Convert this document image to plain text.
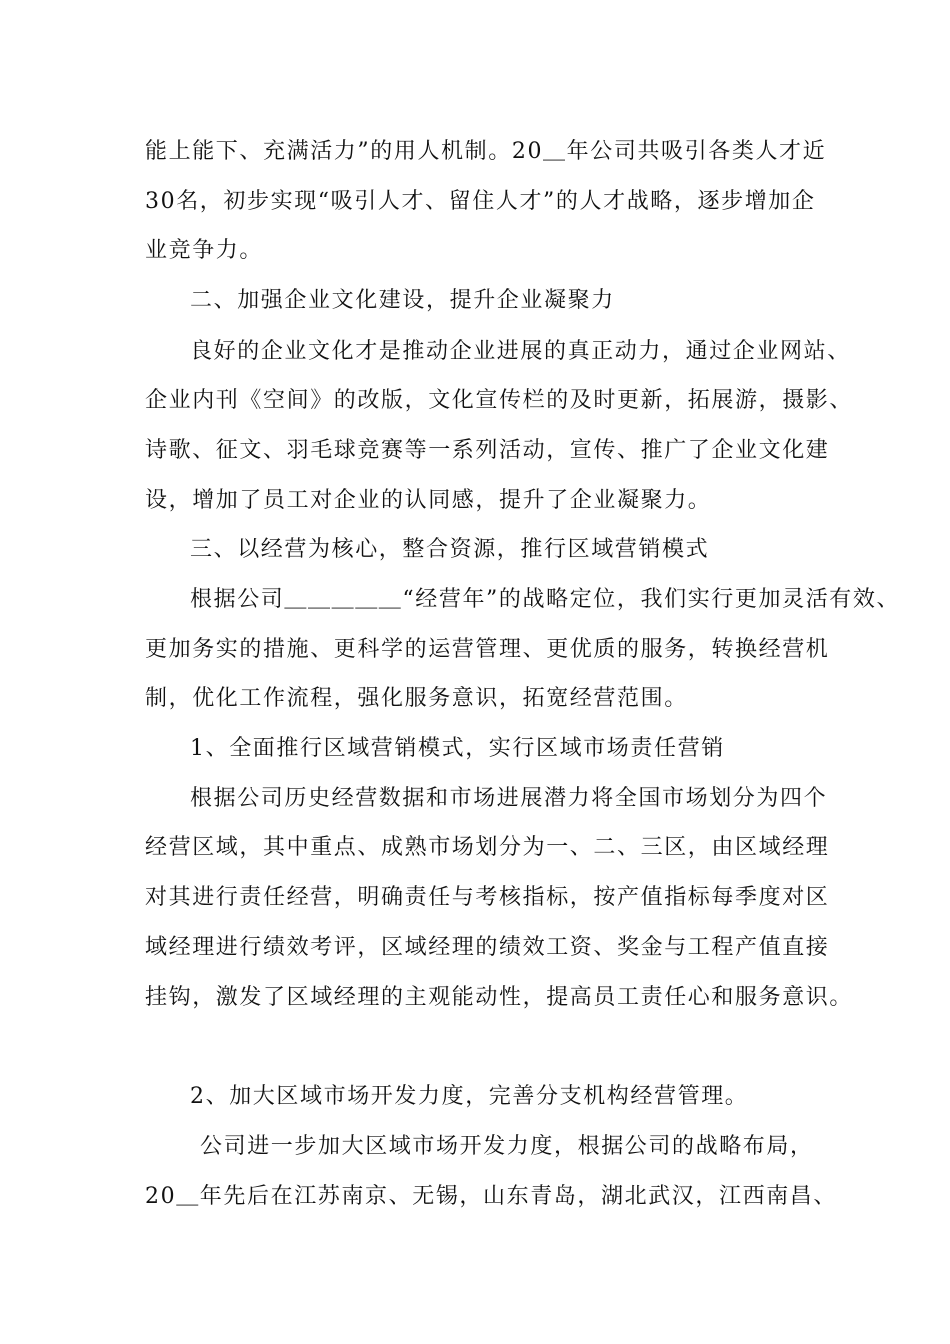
能上能下、充满活力”的用人机制。20＿年公司共吸引各类人才近

30名，初步实现“吸引人才、留住人才”的人才战略，逐步增加企

业竞争力。

二、加强企业文化建设，提升企业凝聚力

良好的企业文化才是推动企业进展的真正动力，通过企业网站、

企业内刊《空间》的改版，文化宣传栏的及时更新，拓展游，摄影、

诗歌、征文、羽毛球竞赛等一系列活动，宣传、推广了企业文化建

设，增加了员工对企业的认同感，提升了企业凝聚力。

三、以经营为核心，整合资源，推行区域营销模式

根据公司＿＿＿＿＿“经营年”的战略定位，我们实行更加灵活有效、

更加务实的措施、更科学的运营管理、更优质的服务，转换经营机

制，优化工作流程，强化服务意识，拓宽经营范围。

1、全面推行区域营销模式，实行区域市场责任营销

根据公司历史经营数据和市场进展潜力将全国市场划分为四个

经营区域，其中重点、成熟市场划分为一、二、三区，由区域经理

对其进行责任经营，明确责任与考核指标，按产值指标每季度对区

域经理进行绩效考评，区域经理的绩效工资、奖金与工程产值直接

挂钩，激发了区域经理的主观能动性，提高员工责任心和服务意识。

2、加大区域市场开发力度，完善分支机构经营管理。

公司进一步加大区域市场开发力度，根据公司的战略布局，

20＿年先后在江苏南京、无锡，山东青岛，湖北武汉，江西南昌、
